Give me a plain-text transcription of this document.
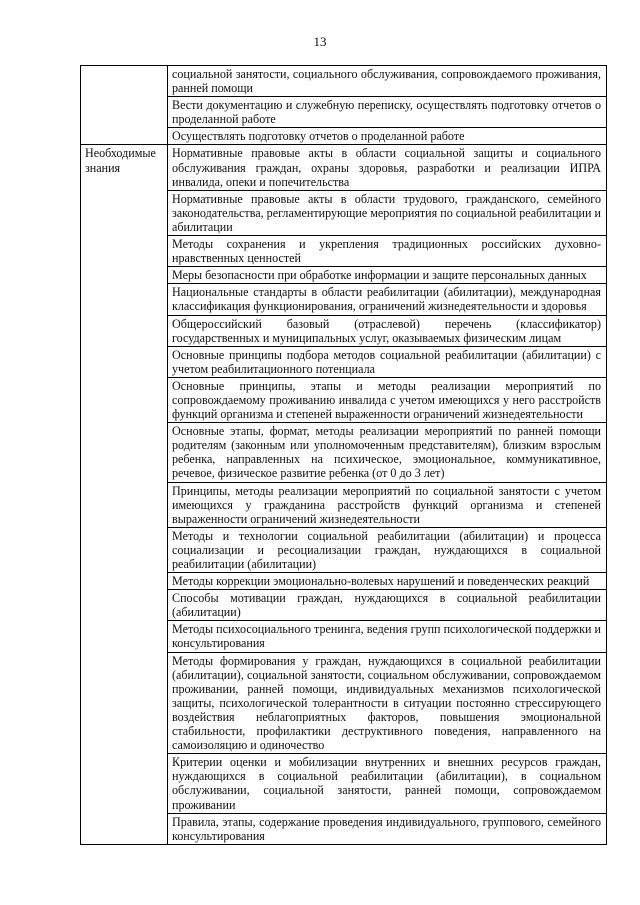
13
	социальной занятости, социального обслуживания, сопровождаемого проживания, ранней помощи
	Вести документацию и служебную переписку, осуществлять подготовку отчетов о проделанной работе
	Осуществлять подготовку отчетов о проделанной работе
Необходимые знания	Нормативные правовые акты в области социальной защиты и социального обслуживания граждан, охраны здоровья, разработки и реализации ИПРА инвалида, опеки и попечительства
	Нормативные правовые акты в области трудового, гражданского, семейного законодательства, регламентирующие мероприятия по социальной реабилитации и абилитации
	Методы сохранения и укрепления традиционных российских духовно-нравственных ценностей
	Меры безопасности при обработке информации и защите персональных данных
	Национальные стандарты в области реабилитации (абилитации), международная классификация функционирования, ограничений жизнедеятельности и здоровья
	Общероссийский базовый (отраслевой) перечень (классификатор) государственных и муниципальных услуг, оказываемых физическим лицам
	Основные принципы подбора методов социальной реабилитации (абилитации) с учетом реабилитационного потенциала
	Основные принципы, этапы и методы реализации мероприятий по сопровождаемому проживанию инвалида с учетом имеющихся у него расстройств функций организма и степеней выраженности ограничений жизнедеятельности
	Основные этапы, формат, методы реализации мероприятий по ранней помощи родителям (законным или уполномоченным представителям), близким взрослым ребенка, направленных на психическое, эмоциональное, коммуникативное, речевое, физическое развитие ребенка (от 0 до 3 лет)
	Принципы, методы реализации мероприятий по социальной занятости с учетом имеющихся у гражданина расстройств функций организма и степеней выраженности ограничений жизнедеятельности
	Методы и технологии социальной реабилитации (абилитации) и процесса социализации и ресоциализации граждан, нуждающихся в социальной реабилитации (абилитации)
	Методы коррекции эмоционально-волевых нарушений и поведенческих реакций
	Способы мотивации граждан, нуждающихся в социальной реабилитации (абилитации)
	Методы психосоциального тренинга, ведения групп психологической поддержки и консультирования
	Методы формирования у граждан, нуждающихся в социальной реабилитации (абилитации), социальной занятости, социальном обслуживании, сопровождаемом проживании, ранней помощи, индивидуальных механизмов психологической защиты, психологической толерантности в ситуации постоянно стрессирующего воздействия неблагоприятных факторов, повышения эмоциональной стабильности, профилактики деструктивного поведения, направленного на самоизоляцию и одиночество
	Критерии оценки и мобилизации внутренних и внешних ресурсов граждан, нуждающихся в социальной реабилитации (абилитации), в социальном обслуживании, социальной занятости, ранней помощи, сопровождаемом проживании
	Правила, этапы, содержание проведения индивидуального, группового, семейного консультирования
